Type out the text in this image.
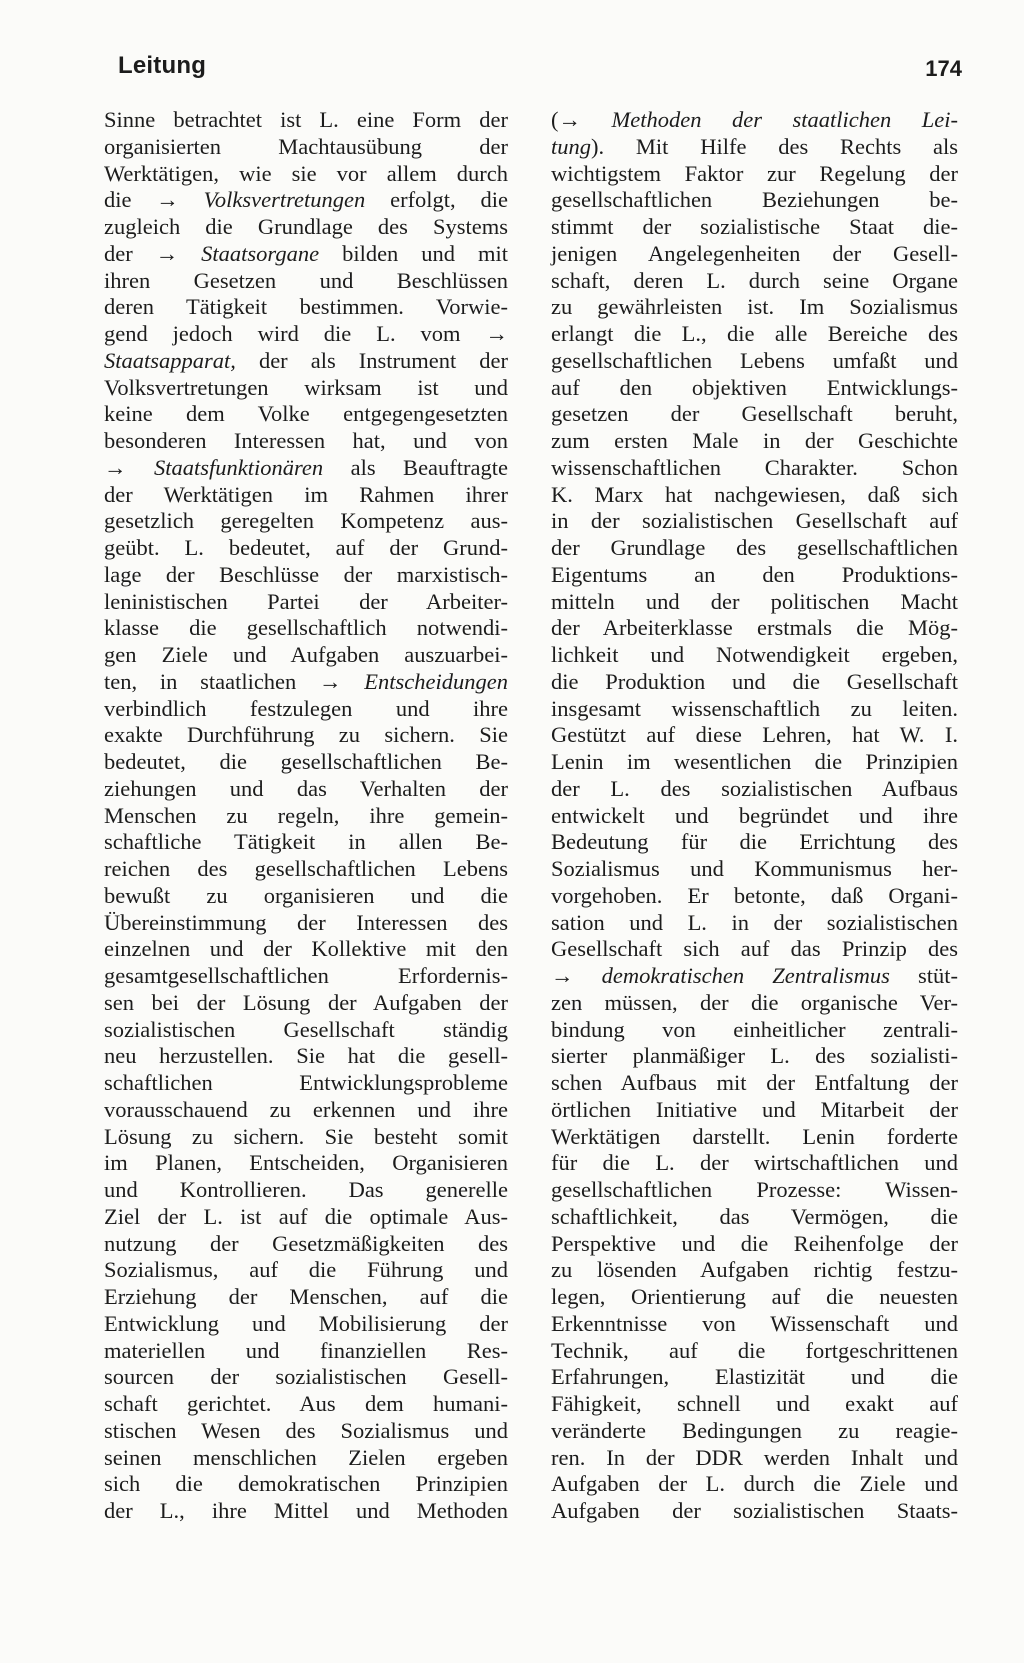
Leitung	174
Sinne betrachtet ist L. eine Form der
organisierten Machtausübung der
Werktätigen, wie sie vor allem durch
die → Volksvertretungen erfolgt, die
zugleich die Grundlage des Systems
der → Staatsorgane bilden und mit
ihren Gesetzen und Beschlüssen
deren Tätigkeit bestimmen. Vorwie-
gend jedoch wird die L. vom →
Staatsapparat, der als Instrument der
Volksvertretungen wirksam ist und
keine dem Volke entgegengesetzten
besonderen Interessen hat, und von
→ Staatsfunktionären als Beauftragte
der Werktätigen im Rahmen ihrer
gesetzlich geregelten Kompetenz aus-
geübt. L. bedeutet, auf der Grund-
lage der Beschlüsse der marxistisch-
leninistischen Partei der Arbeiter-
klasse die gesellschaftlich notwendi-
gen Ziele und Aufgaben auszuarbei-
ten, in staatlichen → Entscheidungen
verbindlich festzulegen und ihre
exakte Durchführung zu sichern. Sie
bedeutet, die gesellschaftlichen Be-
ziehungen und das Verhalten der
Menschen zu regeln, ihre gemein-
schaftliche Tätigkeit in allen Be-
reichen des gesellschaftlichen Lebens
bewußt zu organisieren und die
Übereinstimmung der Interessen des
einzelnen und der Kollektive mit den
gesamtgesellschaftlichen Erfordernis-
sen bei der Lösung der Aufgaben der
sozialistischen Gesellschaft ständig
neu herzustellen. Sie hat die gesell-
schaftlichen Entwicklungsprobleme
vorausschauend zu erkennen und ihre
Lösung zu sichern. Sie besteht somit
im Planen, Entscheiden, Organisieren
und Kontrollieren. Das generelle
Ziel der L. ist auf die optimale Aus-
nutzung der Gesetzmäßigkeiten des
Sozialismus, auf die Führung und
Erziehung der Menschen, auf die
Entwicklung und Mobilisierung der
materiellen und finanziellen Res-
sourcen der sozialistischen Gesell-
schaft gerichtet. Aus dem humani-
stischen Wesen des Sozialismus und
seinen menschlichen Zielen ergeben
sich die demokratischen Prinzipien
der L., ihre Mittel und Methoden
(→ Methoden der staatlichen Lei-
tung). Mit Hilfe des Rechts als
wichtigstem Faktor zur Regelung der
gesellschaftlichen Beziehungen be-
stimmt der sozialistische Staat die-
jenigen Angelegenheiten der Gesell-
schaft, deren L. durch seine Organe
zu gewährleisten ist. Im Sozialismus
erlangt die L., die alle Bereiche des
gesellschaftlichen Lebens umfaßt und
auf den objektiven Entwicklungs-
gesetzen der Gesellschaft beruht,
zum ersten Male in der Geschichte
wissenschaftlichen Charakter. Schon
K. Marx hat nachgewiesen, daß sich
in der sozialistischen Gesellschaft auf
der Grundlage des gesellschaftlichen
Eigentums an den Produktions-
mitteln und der politischen Macht
der Arbeiterklasse erstmals die Mög-
lichkeit und Notwendigkeit ergeben,
die Produktion und die Gesellschaft
insgesamt wissenschaftlich zu leiten.
Gestützt auf diese Lehren, hat W. I.
Lenin im wesentlichen die Prinzipien
der L. des sozialistischen Aufbaus
entwickelt und begründet und ihre
Bedeutung für die Errichtung des
Sozialismus und Kommunismus her-
vorgehoben. Er betonte, daß Organi-
sation und L. in der sozialistischen
Gesellschaft sich auf das Prinzip des
→ demokratischen Zentralismus stüt-
zen müssen, der die organische Ver-
bindung von einheitlicher zentrali-
sierter planmäßiger L. des sozialisti-
schen Aufbaus mit der Entfaltung der
örtlichen Initiative und Mitarbeit der
Werktätigen darstellt. Lenin forderte
für die L. der wirtschaftlichen und
gesellschaftlichen Prozesse: Wissen-
schaftlichkeit, das Vermögen, die
Perspektive und die Reihenfolge der
zu lösenden Aufgaben richtig festzu-
legen, Orientierung auf die neuesten
Erkenntnisse von Wissenschaft und
Technik, auf die fortgeschrittenen
Erfahrungen, Elastizität und die
Fähigkeit, schnell und exakt auf
veränderte Bedingungen zu reagie-
ren. In der DDR werden Inhalt und
Aufgaben der L. durch die Ziele und
Aufgaben der sozialistischen Staats-
